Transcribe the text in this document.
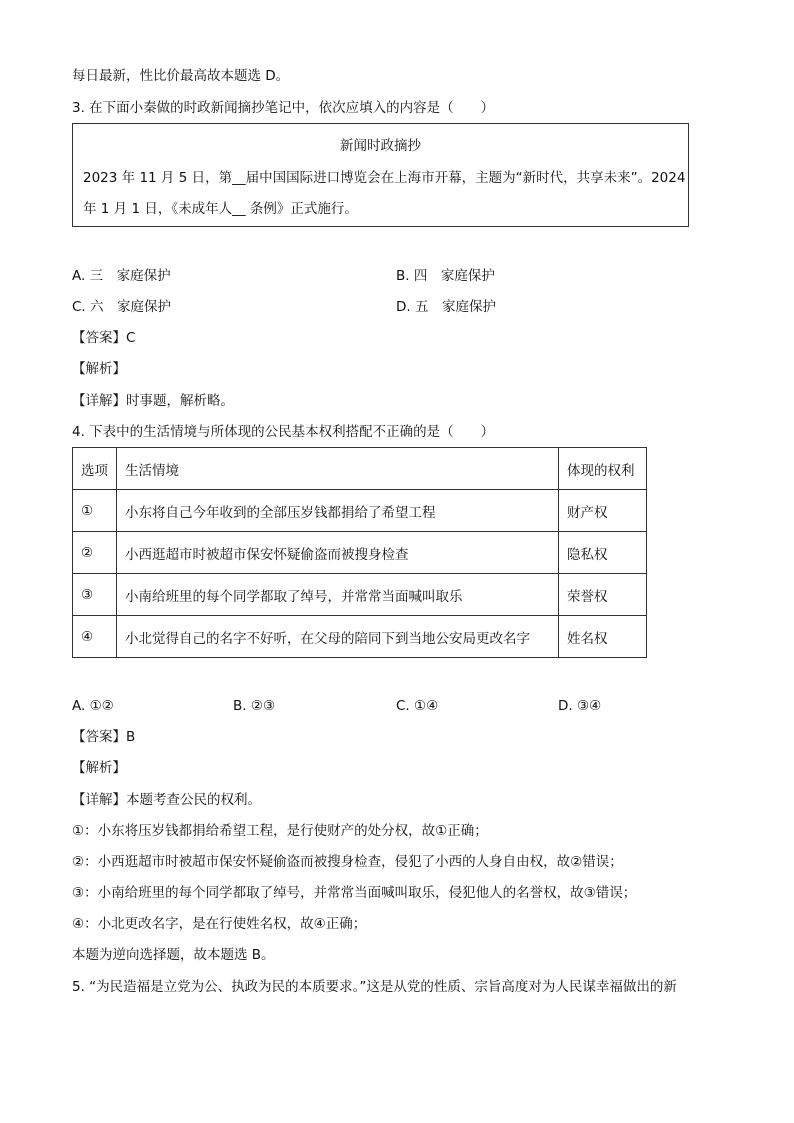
每日最新，性比价最高故本题选 D。
3. 在下面小秦做的时政新闻摘抄笔记中，依次应填入的内容是（　　）
新闻时政摘抄
2023 年 11 月 5 日，第__届中国国际进口博览会在上海市开幕，主题为“新时代，共享未来”。2024
年 1 月 1 日，《未成年人__ 条例》正式施行。
A. 三　家庭保护	B. 四　家庭保护
C. 六　家庭保护	D. 五　家庭保护
【答案】C
【解析】
【详解】时事题，解析略。
4. 下表中的生活情境与所体现的公民基本权利搭配不正确的是（　　）
选项	生活情境	体现的权利
①	小东将自己今年收到的全部压岁钱都捐给了希望工程	财产权
②	小西逛超市时被超市保安怀疑偷盗而被搜身检查	隐私权
③	小南给班里的每个同学都取了绰号，并常常当面喊叫取乐	荣誉权
④	小北觉得自己的名字不好听，在父母的陪同下到当地公安局更改名字	姓名权
A. ①②	B. ②③	C. ①④	D. ③④
【答案】B
【解析】
【详解】本题考查公民的权利。
①：小东将压岁钱都捐给希望工程，是行使财产的处分权，故①正确；
②：小西逛超市时被超市保安怀疑偷盗而被搜身检查，侵犯了小西的人身自由权，故②错误；
③：小南给班里的每个同学都取了绰号，并常常当面喊叫取乐，侵犯他人的名誉权，故③错误；
④：小北更改名字，是在行使姓名权，故④正确；
本题为逆向选择题，故本题选 B。
5. “为民造福是立党为公、执政为民的本质要求。”这是从党的性质、宗旨高度对为人民谋幸福做出的新
